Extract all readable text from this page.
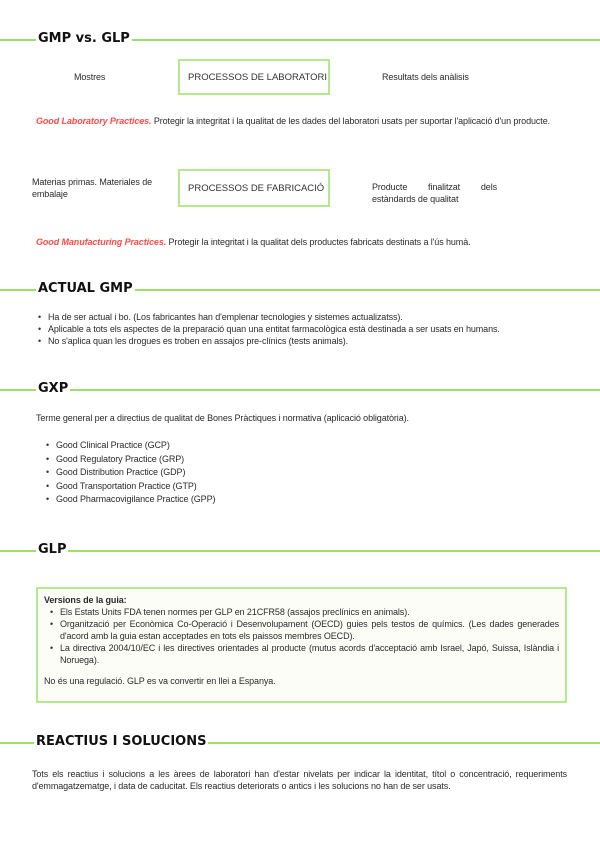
GMP vs. GLP
Mostres	PROCESSOS DE LABORATORI	Resultats dels anàlisis
Good Laboratory Practices. Protegir la integritat i la qualitat de les dades del laboratori usats per suportar l'aplicació d'un producte.
Materias primas. Materiales de embalaje
PROCESSOS DE FABRICACIÓ	Producte finalitzat dels estàndards de qualitat
Good Manufacturing Practices. Protegir la integritat i la qualitat dels productes fabricats destinats a l'ús humà.
ACTUAL GMP
• Ha de ser actual i bo. (Los fabricantes han d'emplenar tecnologies y sistemes actualizatss).
• Aplicable a tots els aspectes de la preparació quan una entitat farmacològica està destinada a ser usats en humans.
• No s'aplica quan les drogues es troben en assajos pre-clínics (tests animals).
GXP
Terme general per a directius de qualitat de Bones Pràctiques i normativa (aplicació obligatòria).
• Good Clinical Practice (GCP)
• Good Regulatory Practice (GRP)
• Good Distribution Practice (GDP)
• Good Transportation Practice (GTP)
• Good Pharmacovigilance Practice (GPP)
GLP
Versions de la guia:
• Els Estats Units FDA tenen normes per GLP en 21CFR58 (assajos preclínics en animals).
• Organització per Econòmica Co-Operació i Desenvolupament (OECD) guies pels testos de químics. (Les dades generades d'acord amb la guia estan acceptades en tots els paissos membres OECD).
• La directiva 2004/10/EC i les directives orientades al producte (mutus acords d'acceptació amb Israel, Japó, Suissa, Islàndia i Noruega).
No és una regulació. GLP es va convertir en llei a Espanya.
REACTIUS I SOLUCIONS
Tots els reactius i solucions a les àrees de laboratori han d'estar nivelats per indicar la identitat, títol o concentració, requeriments d'emmagatzematge, i data de caducitat. Els reactius deteriorats o antics i les solucions no han de ser usats.
